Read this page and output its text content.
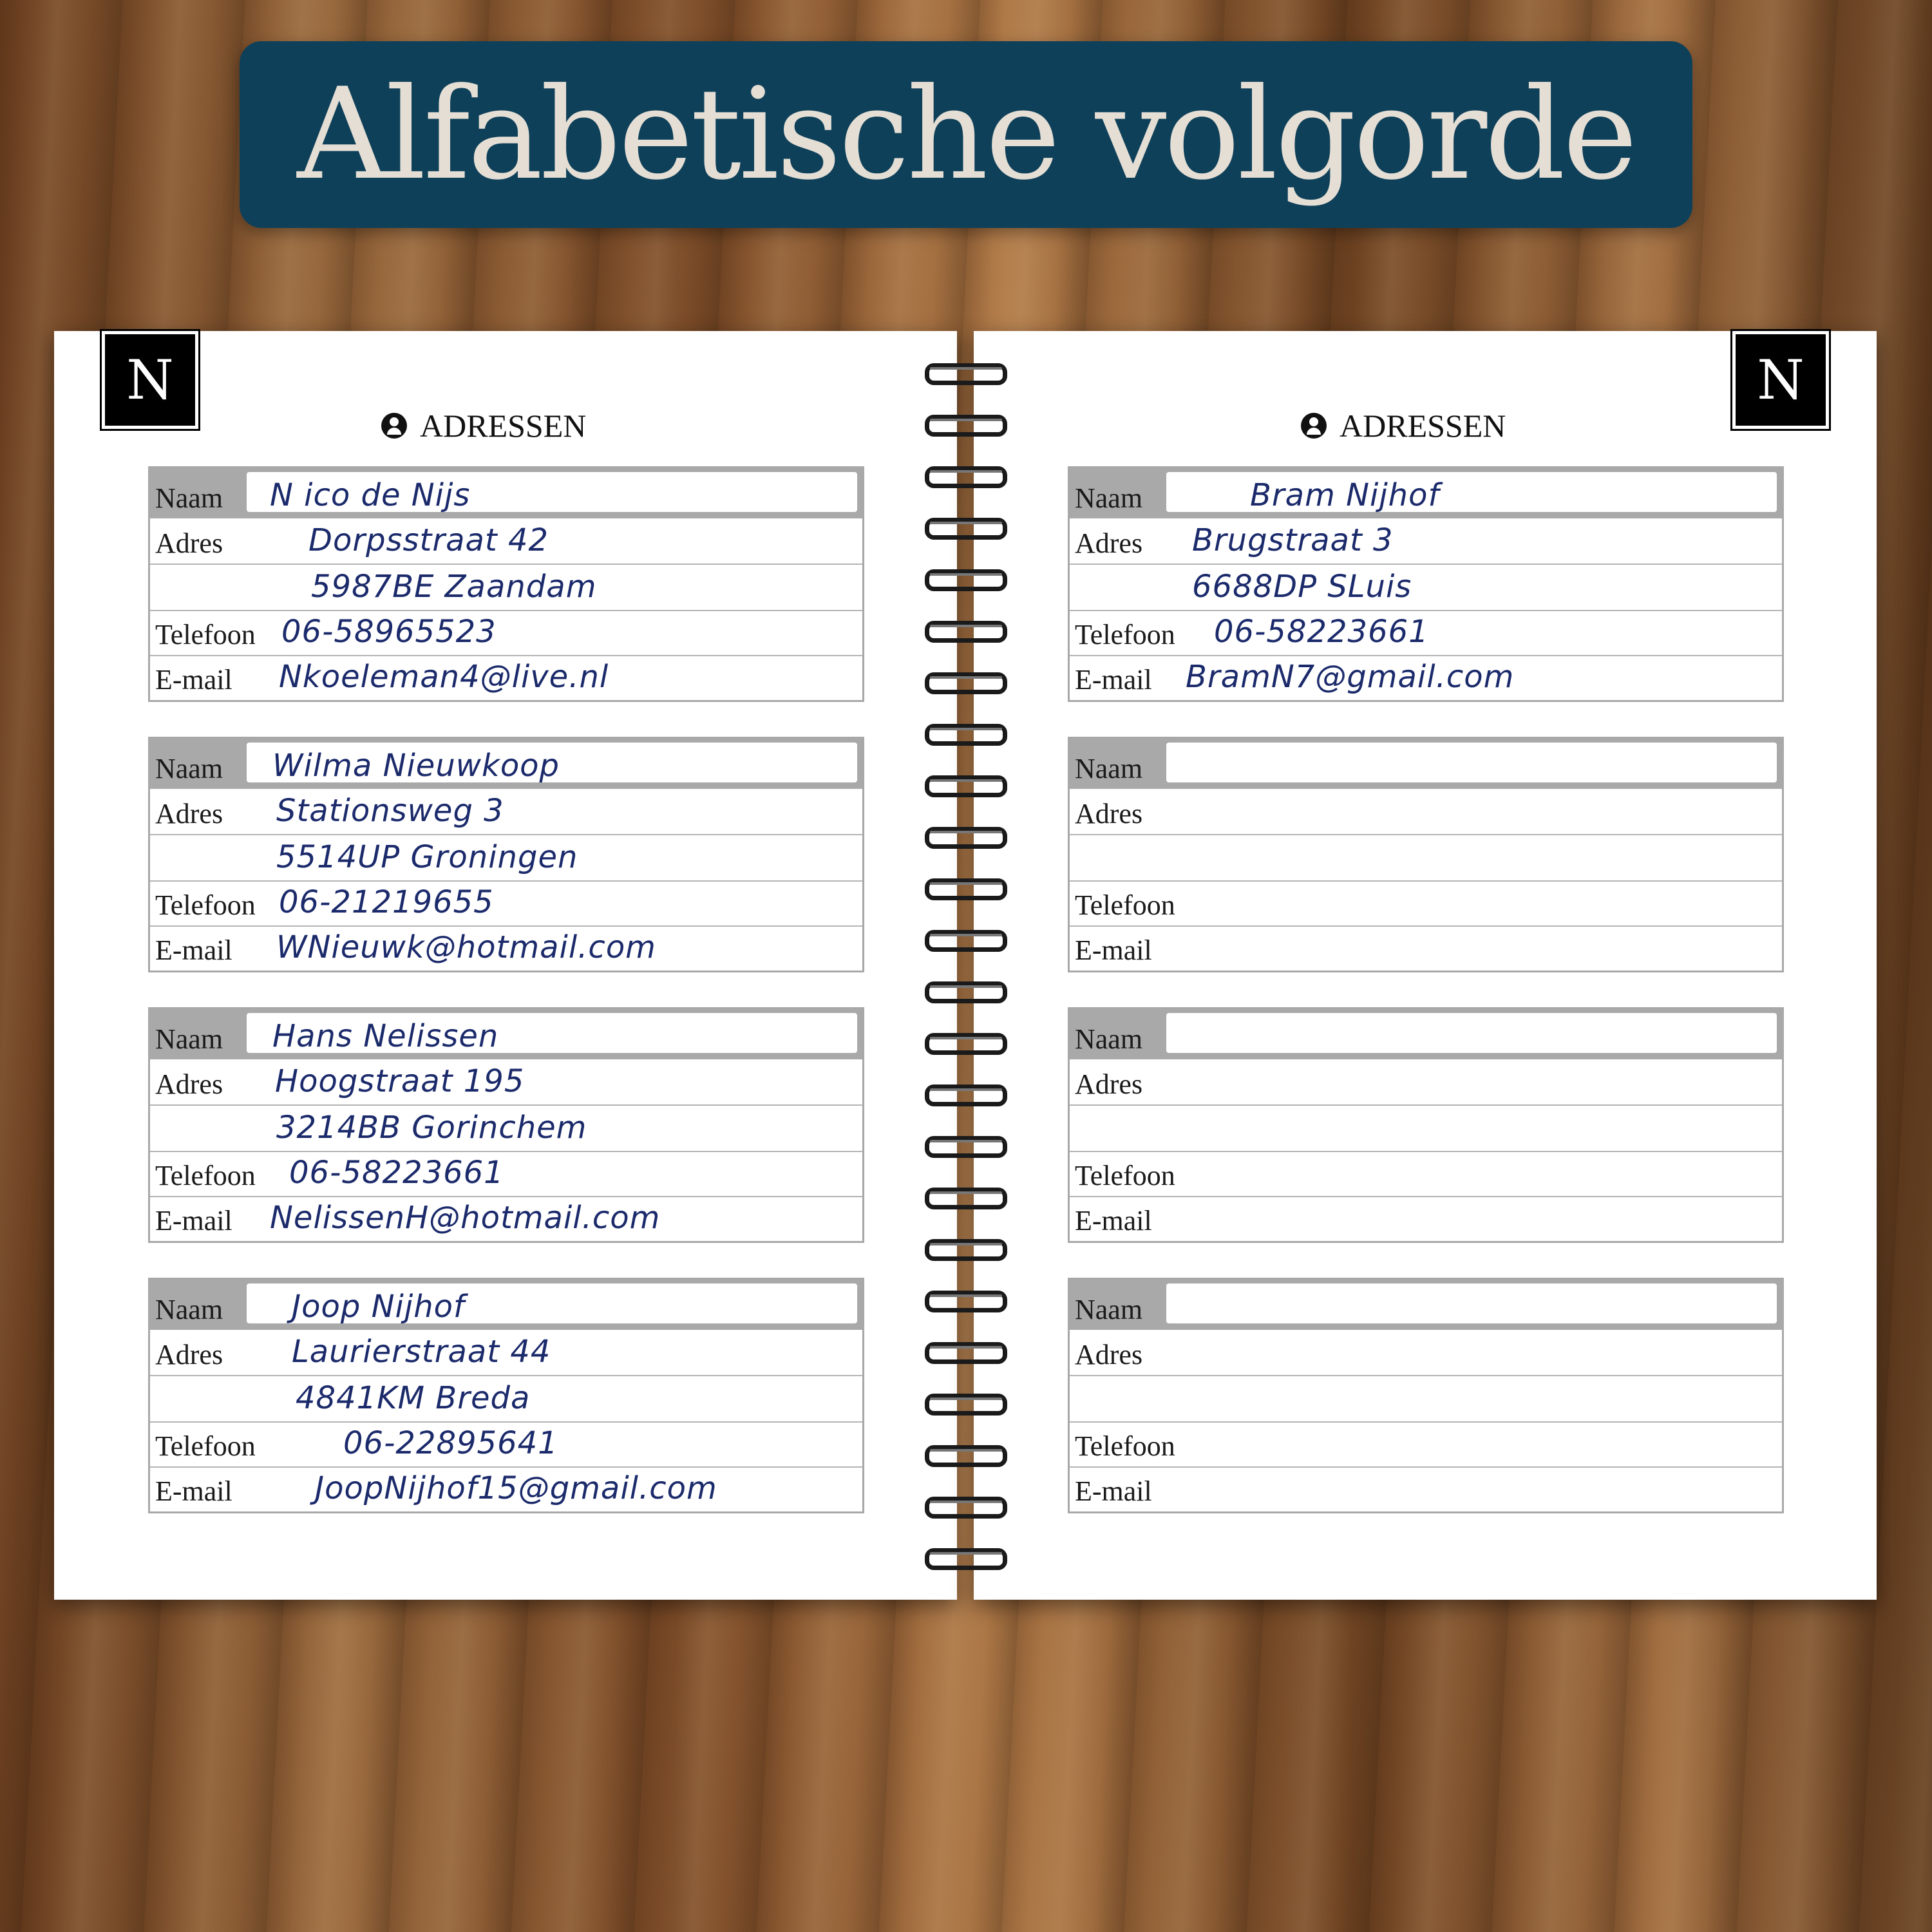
Alfabetische volgorde
N
ADRESSEN
Naam N ico de Nijs
Adres	Dorpsstraat 42
5987BE Zaandam
Telefoon 06-58965523
E-mail Nkoeleman4@live.nl
Naam Wilma Nieuwkoop
Adres Stationsweg 3
5514UP Groningen
Telefoon 06-21219655
E-mail WNieuwk@hotmail.com
Naam Hans Nelissen
Adres Hoogstraat 195
3214BB Gorinchem
Telefoon 06-58223661
E-mail NelissenH@hotmail.com
Naam Joop Nijhof
Adres Laurierstraat 44
4841KM Breda
Telefoon	06-22895641
E-mail	JoopNijhof15@gmail.com
N
ADRESSEN
Naam	Bram Nijhof
Adres Brugstraat 3
6688DP SLuis
Telefoon 06-58223661
E-mail BramN7@gmail.com
Naam
Adres
Telefoon
E-mail
Naam
Adres
Telefoon
E-mail
Naam
Adres
Telefoon
E-mail
